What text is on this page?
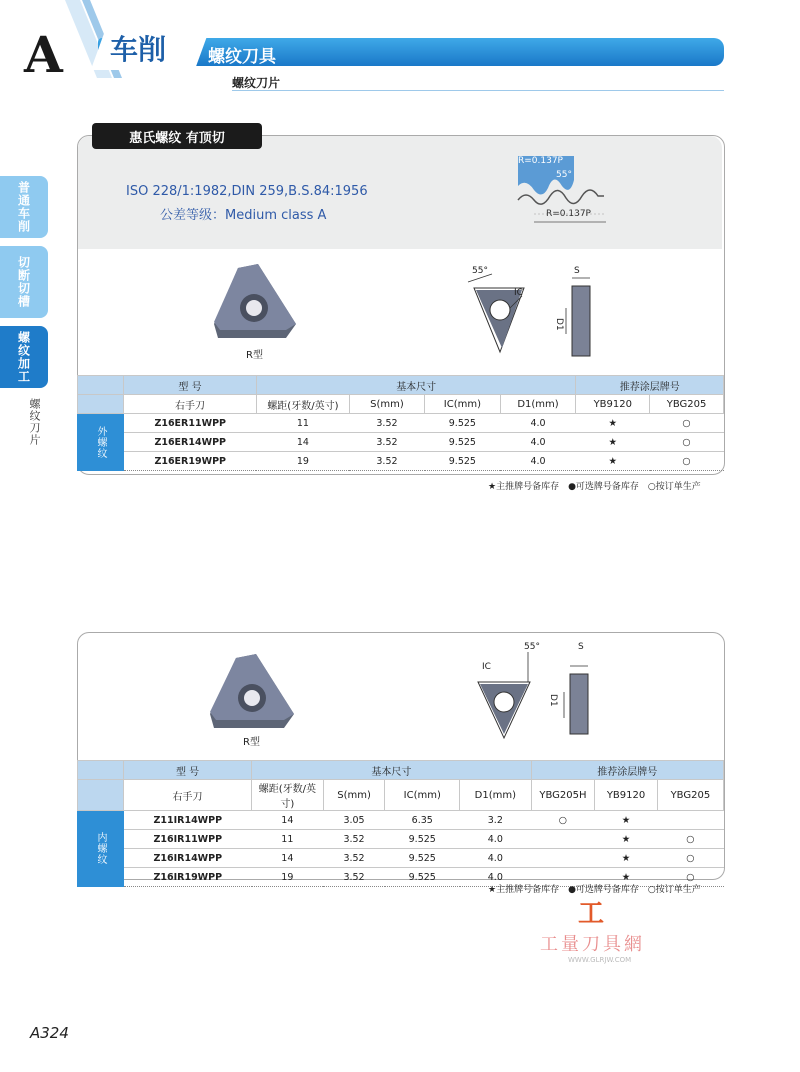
A 车削 螺纹刀具
螺纹刀片
普通车削
切断切槽
螺纹加工
螺纹刀片
惠氏螺纹 有顶切
ISO 228/1:1982,DIN 259,B.S.84:1956
公差等级：Medium class A
R=0.137P
55°
R=0.137P
R型
55°
IC
S
D1
	型 号	基本尺寸				推荐涂层牌号	
	右手刀	螺距(牙数/英寸)	S(mm)	IC(mm)	D1(mm)	YB9120	YBG205
外螺纹	Z16ER11WPP	11	3.52	9.525	4.0	★	○
	Z16ER14WPP	14	3.52	9.525	4.0	★	○
	Z16ER19WPP	19	3.52	9.525	4.0	★	○
★主推牌号备库存　●可选牌号备库存　○按订单生产
R型
55°
IC
S
D1
	型 号	基本尺寸				推荐涂层牌号		
	右手刀	螺距(牙数/英寸)	S(mm)	IC(mm)	D1(mm)	YBG205H	YB9120	YBG205
内螺纹	Z11IR14WPP	14	3.05	6.35	3.2	○	★	
	Z16IR11WPP	11	3.52	9.525	4.0		★	○
	Z16IR14WPP	14	3.52	9.525	4.0		★	○
	Z16IR19WPP	19	3.52	9.525	4.0		★	○
★主推牌号备库存　●可选牌号备库存　○按订单生产
工
工量刀具網
WWW.GLRJW.COM
A324
